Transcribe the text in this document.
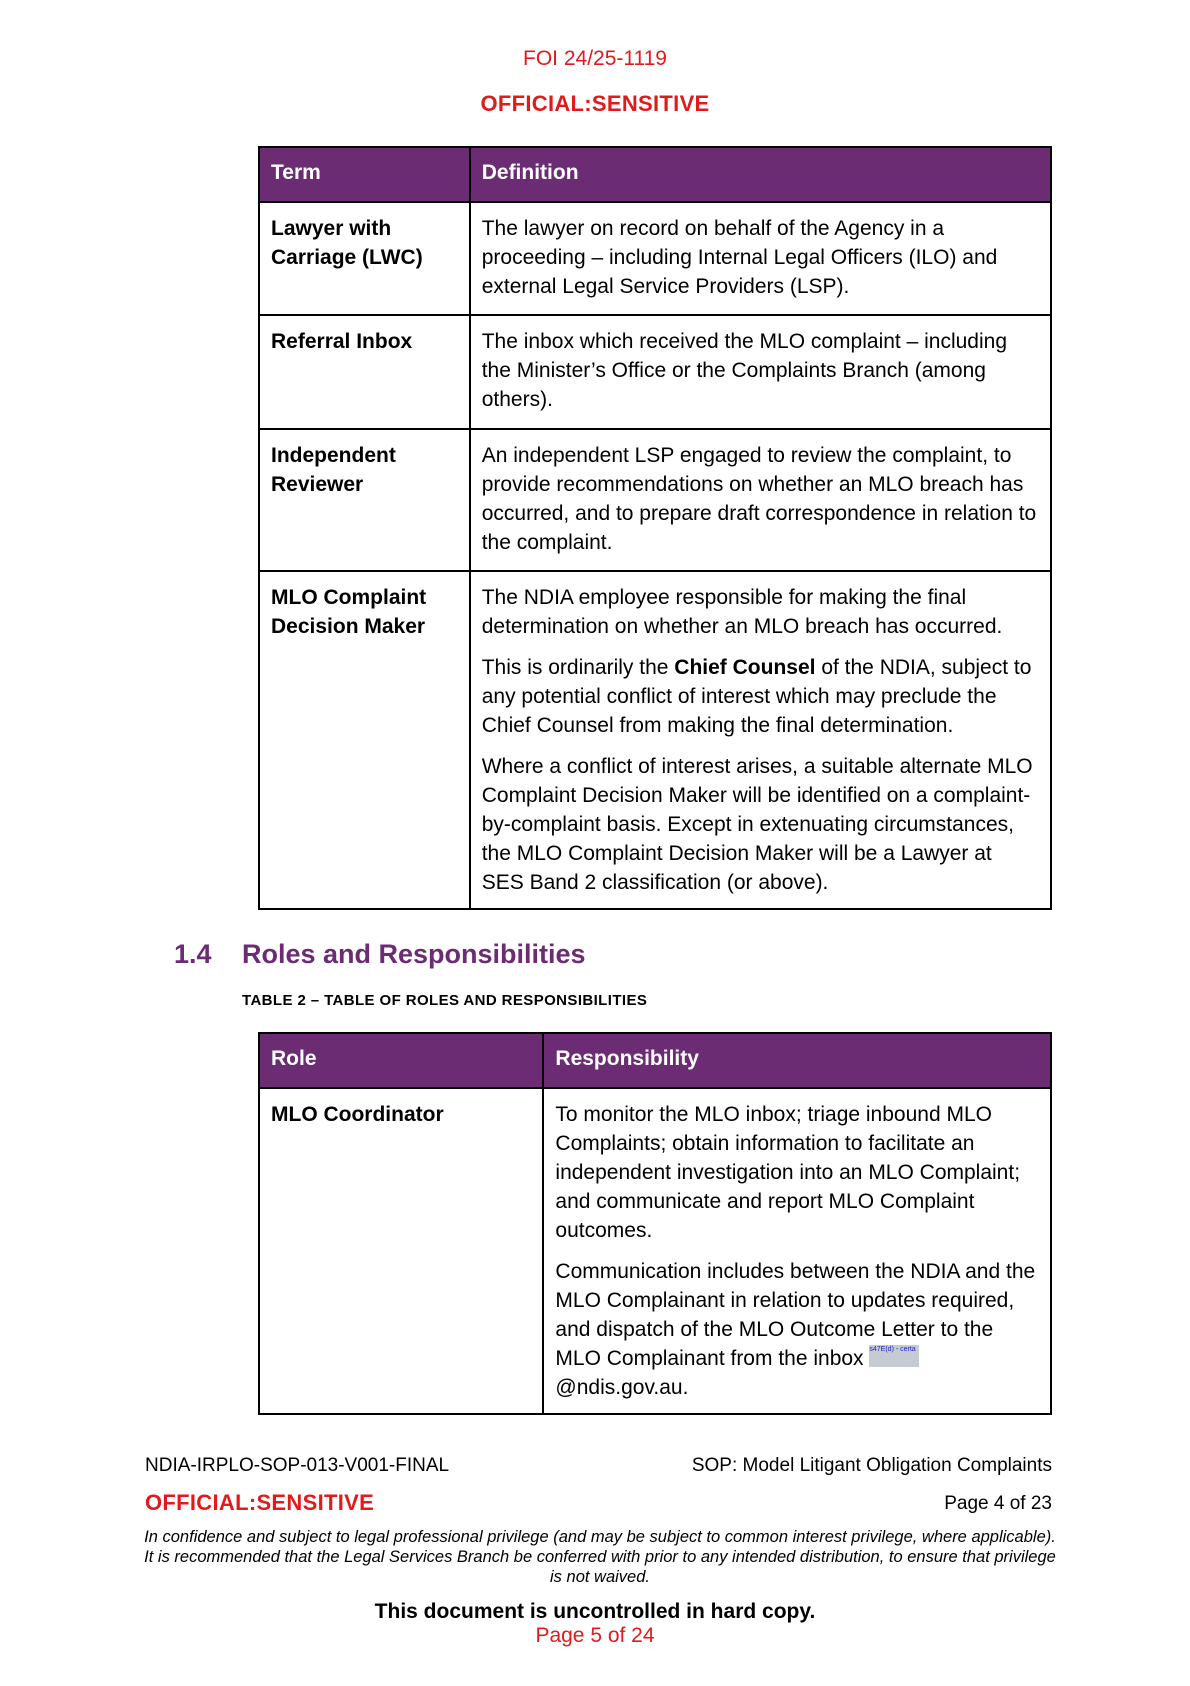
FOI 24/25-1119
OFFICIAL:SENSITIVE
Term	Definition
Lawyer with Carriage (LWC)	The lawyer on record on behalf of the Agency in a proceeding – including Internal Legal Officers (ILO) and external Legal Service Providers (LSP).

Referral Inbox	The inbox which received the MLO complaint – including the Minister’s Office or the Complaints Branch (among others).

Independent Reviewer	An independent LSP engaged to review the complaint, to provide recommendations on whether an MLO breach has occurred, and to prepare draft correspondence in relation to the complaint.

MLO Complaint Decision Maker	The NDIA employee responsible for making the final determination on whether an MLO breach has occurred.

This is ordinarily the Chief Counsel of the NDIA, subject to any potential conflict of interest which may preclude the Chief Counsel from making the final determination.

Where a conflict of interest arises, a suitable alternate MLO Complaint Decision Maker will be identified on a complaint-by-complaint basis. Except in extenuating circumstances, the MLO Complaint Decision Maker will be a Lawyer at SES Band 2 classification (or above).

1.4 Roles and Responsibilities
TABLE 2 – TABLE OF ROLES AND RESPONSIBILITIES
Role	Responsibility
MLO Coordinator	To monitor the MLO inbox; triage inbound MLO Complaints; obtain information to facilitate an independent investigation into an MLO Complaint; and communicate and report MLO Complaint outcomes.

Communication includes between the NDIA and the MLO Complainant in relation to updates required, and dispatch of the MLO Outcome Letter to the MLO Complainant from the inbox s47E(d) - certa@ndis.gov.au.

NDIA-IRPLO-SOP-013-V001-FINAL	SOP: Model Litigant Obligation Complaints
OFFICIAL:SENSITIVE	Page 4 of 23
In confidence and subject to legal professional privilege (and may be subject to common interest privilege, where applicable). It is recommended that the Legal Services Branch be conferred with prior to any intended distribution, to ensure that privilege is not waived.
This document is uncontrolled in hard copy.
Page 5 of 24
